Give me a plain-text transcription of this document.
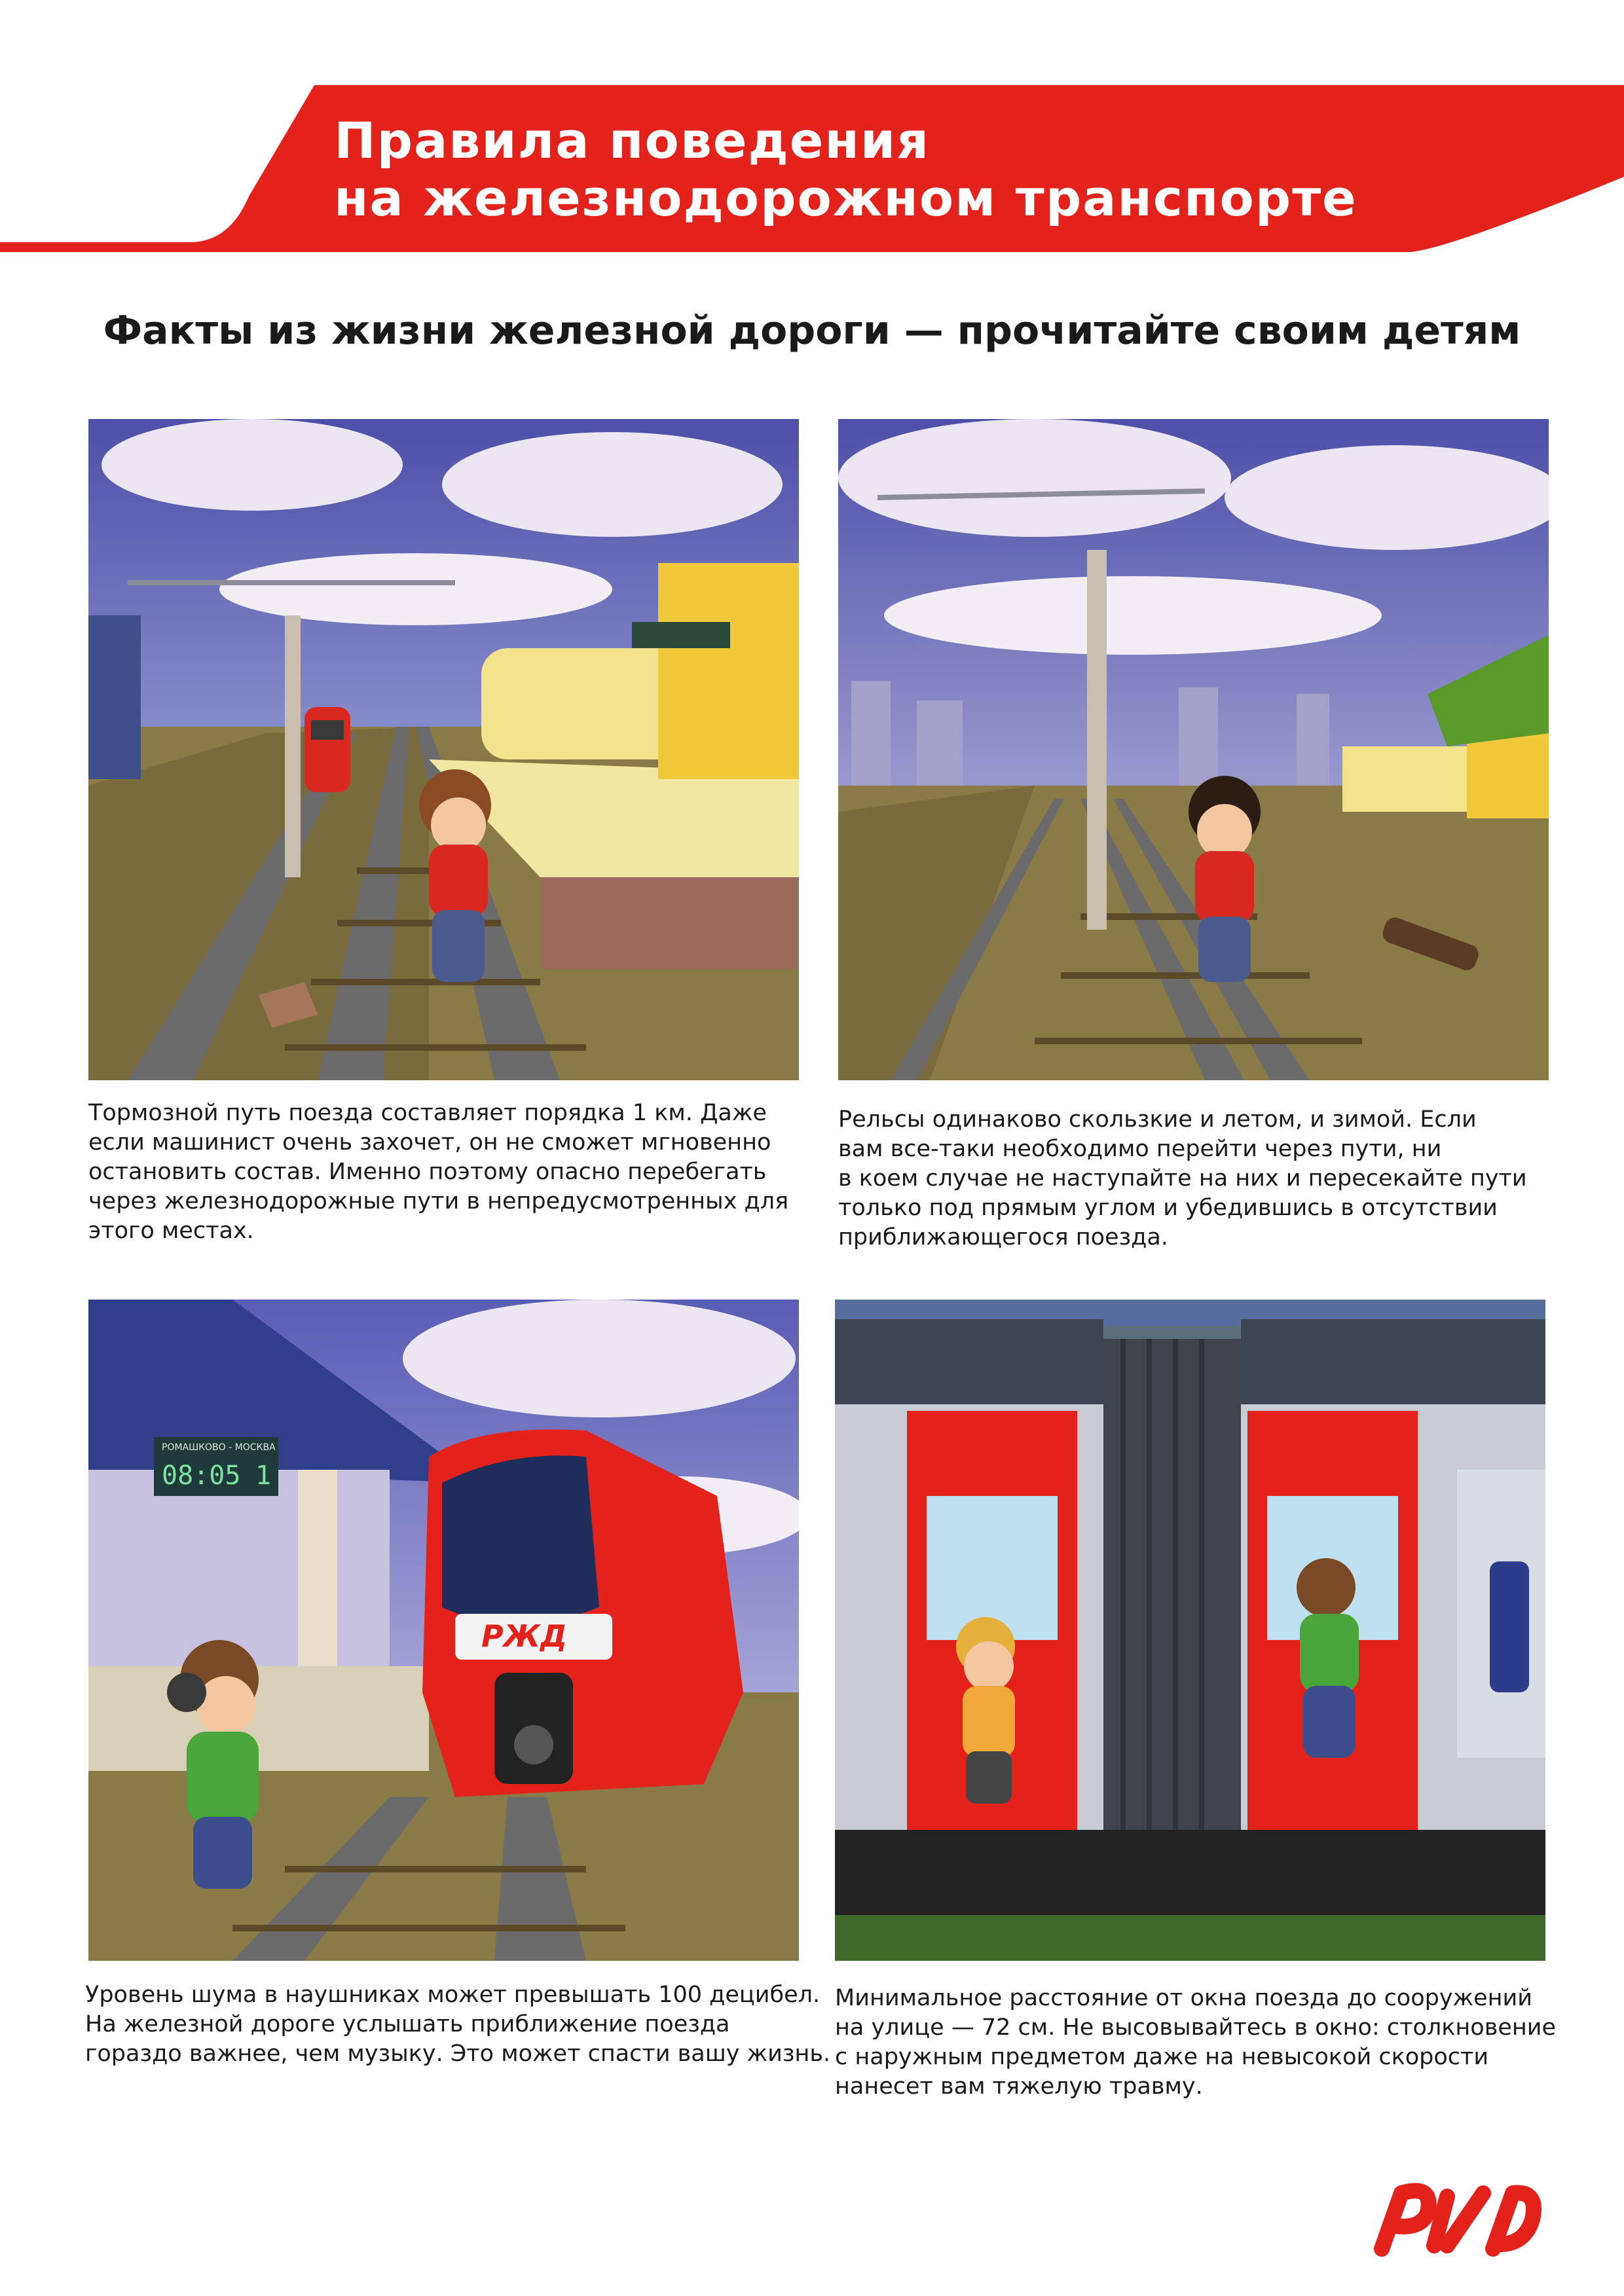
Правила поведения
на железнодорожном транспорте
Факты из жизни железной дороги — прочитайте своим детям
Тормозной путь поезда составляет порядка 1 км. Даже
если машинист очень захочет, он не сможет мгновенно
остановить состав. Именно поэтому опасно перебегать
через железнодорожные пути в непредусмотренных для
этого местах.
Рельсы одинаково скользкие и летом, и зимой. Если
вам все-таки необходимо перейти через пути, ни
в коем случае не наступайте на них и пересекайте пути
только под прямым углом и убедившись в отсутствии
приближающегося поезда.
РОМАШКОВО - МОСКВА
08:05 1
РЖД
Уровень шума в наушниках может превышать 100 децибел.
На железной дороге услышать приближение поезда
гораздо важнее, чем музыку. Это может спасти вашу жизнь.
Минимальное расстояние от окна поезда до сооружений
на улице — 72 см. Не высовывайтесь в окно: столкновение
с наружным предметом даже на невысокой скорости
нанесет вам тяжелую травму.
